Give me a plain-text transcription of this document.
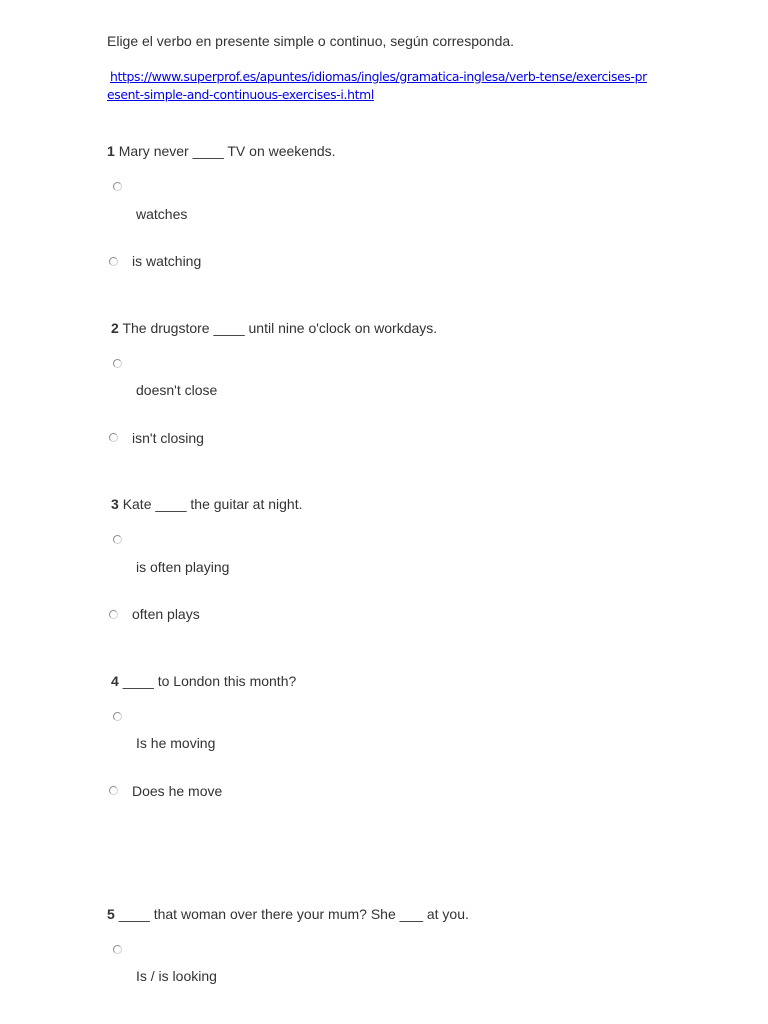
Elige el verbo en presente simple o continuo, según corresponda.
https://www.superprof.es/apuntes/idiomas/ingles/gramatica-inglesa/verb-tense/exercises-present-simple-and-continuous-exercises-i.html
1 Mary never ____ TV on weekends.
watches
is watching
2 The drugstore ____ until nine o'clock on workdays.
doesn't close
isn't closing
3 Kate ____ the guitar at night.
is often playing
often plays
4 ____ to London this month?
Is he moving
Does he move
5 ____ that woman over there your mum? She ___ at you.
Is / is looking
